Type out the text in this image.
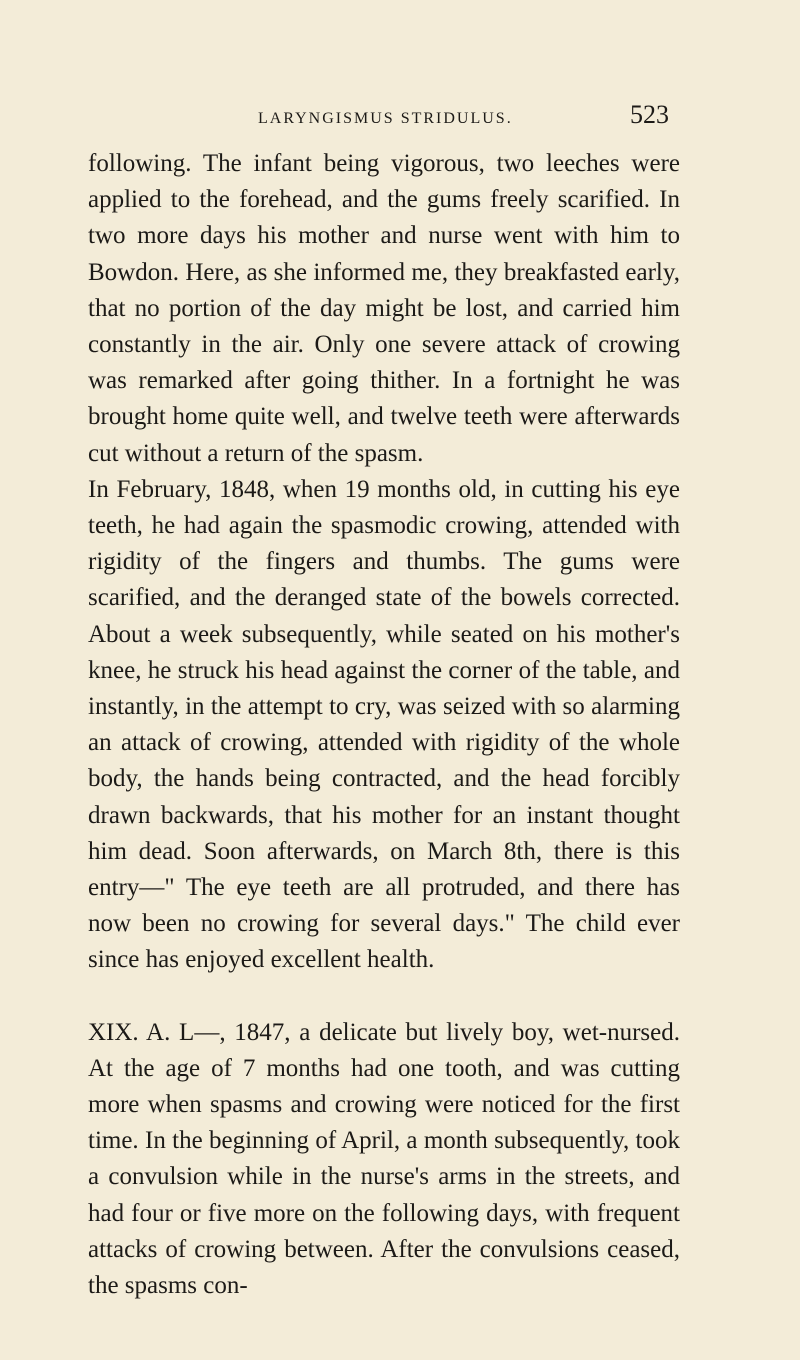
LARYNGISMUS STRIDULUS.	523

following. The infant being vigorous, two leeches were applied to the forehead, and the gums freely scarified. In two more days his mother and nurse went with him to Bowdon. Here, as she informed me, they breakfasted early, that no portion of the day might be lost, and carried him constantly in the air. Only one severe attack of crowing was remarked after going thither. In a fortnight he was brought home quite well, and twelve teeth were afterwards cut without a return of the spasm.

In February, 1848, when 19 months old, in cutting his eye teeth, he had again the spasmodic crowing, attended with rigidity of the fingers and thumbs. The gums were scarified, and the deranged state of the bowels corrected. About a week subsequently, while seated on his mother's knee, he struck his head against the corner of the table, and instantly, in the attempt to cry, was seized with so alarming an attack of crowing, attended with rigidity of the whole body, the hands being contracted, and the head forcibly drawn backwards, that his mother for an instant thought him dead. Soon afterwards, on March 8th, there is this entry—" The eye teeth are all protruded, and there has now been no crowing for several days." The child ever since has enjoyed excellent health.

XIX. A. L—, 1847, a delicate but lively boy, wet-nursed. At the age of 7 months had one tooth, and was cutting more when spasms and crowing were noticed for the first time. In the beginning of April, a month subsequently, took a convulsion while in the nurse's arms in the streets, and had four or five more on the following days, with frequent attacks of crowing between. After the convulsions ceased, the spasms con-
